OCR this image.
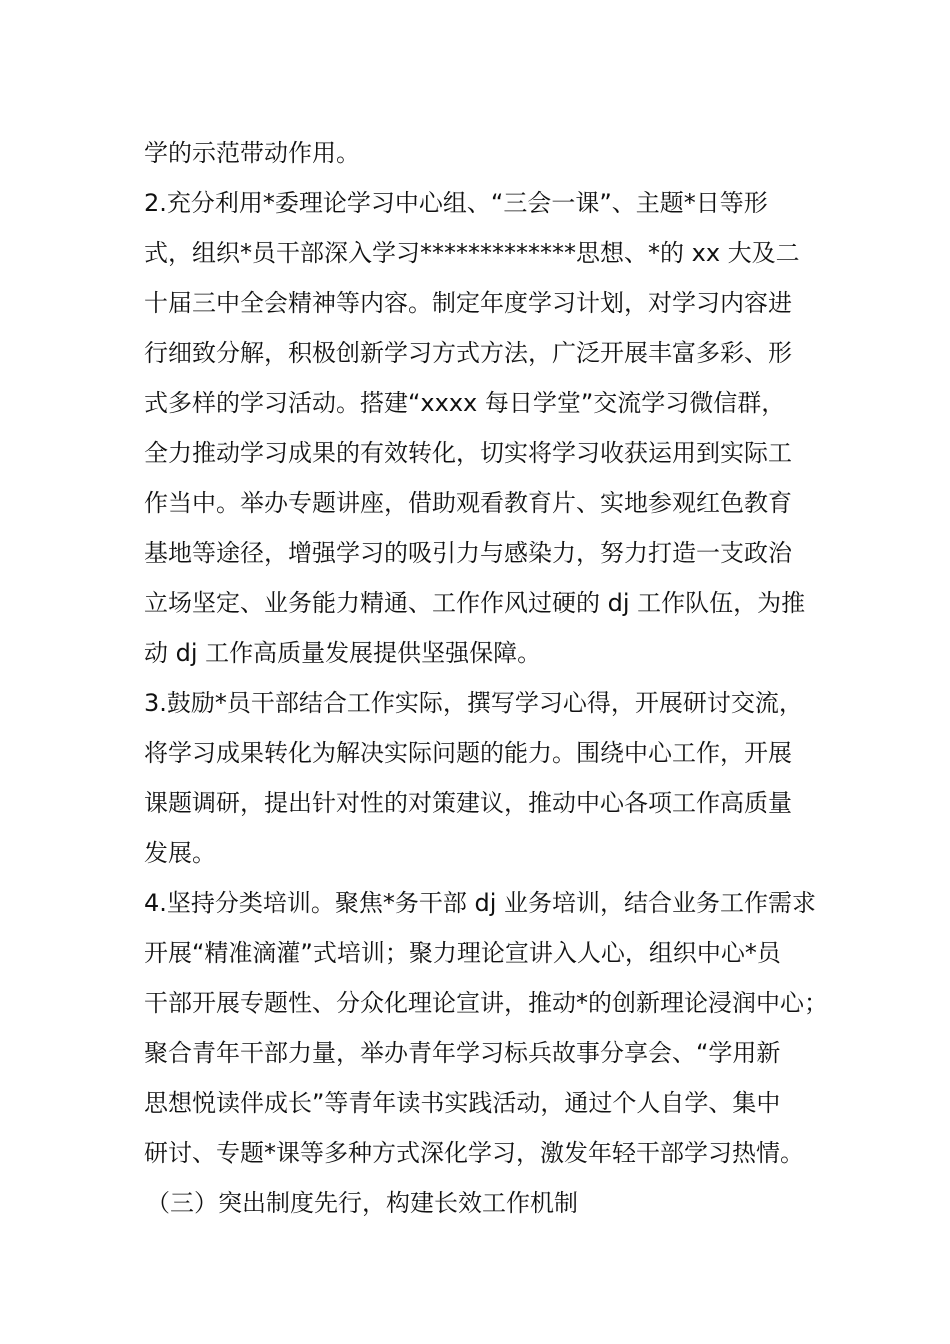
学的示范带动作用。
2.充分利用*委理论学习中心组、“三会一课”、主题*日等形
式，组织*员干部深入学习*************思想、*的 xx 大及二
十届三中全会精神等内容。制定年度学习计划，对学习内容进
行细致分解，积极创新学习方式方法，广泛开展丰富多彩、形
式多样的学习活动。搭建“xxxx 每日学堂”交流学习微信群，
全力推动学习成果的有效转化，切实将学习收获运用到实际工
作当中。举办专题讲座，借助观看教育片、实地参观红色教育
基地等途径，增强学习的吸引力与感染力，努力打造一支政治
立场坚定、业务能力精通、工作作风过硬的 dj 工作队伍，为推
动 dj 工作高质量发展提供坚强保障。
3.鼓励*员干部结合工作实际，撰写学习心得，开展研讨交流，
将学习成果转化为解决实际问题的能力。围绕中心工作，开展
课题调研，提出针对性的对策建议，推动中心各项工作高质量
发展。
4.坚持分类培训。聚焦*务干部 dj 业务培训，结合业务工作需求
开展“精准滴灌”式培训；聚力理论宣讲入人心，组织中心*员
干部开展专题性、分众化理论宣讲，推动*的创新理论浸润中心；
聚合青年干部力量，举办青年学习标兵故事分享会、“学用新
思想悦读伴成长”等青年读书实践活动，通过个人自学、集中
研讨、专题*课等多种方式深化学习，激发年轻干部学习热情。
（三）突出制度先行，构建长效工作机制
